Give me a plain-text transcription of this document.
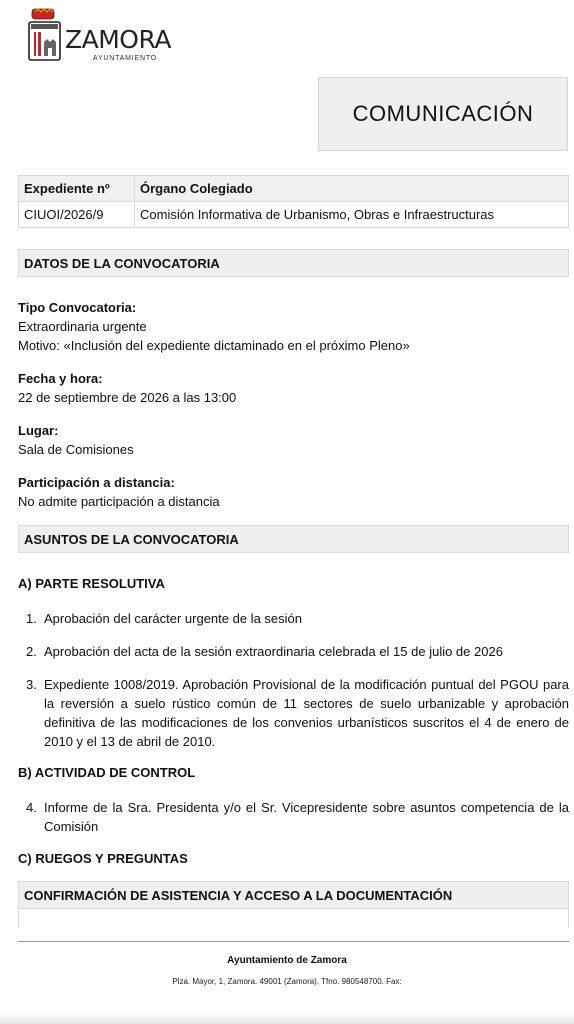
ZAMORA
AYUNTAMIENTO
COMUNICACIÓN
Expediente nº	Órgano Colegiado
CIUOI/2026/9	Comisión Informativa de Urbanismo, Obras e Infraestructuras
DATOS DE LA CONVOCATORIA
Tipo Convocatoria:
Extraordinaria urgente
Motivo: «Inclusión del expediente dictaminado en el próximo Pleno»
Fecha y hora:
22 de septiembre de 2026 a las 13:00
Lugar:
Sala de Comisiones
Participación a distancia:
No admite participación a distancia
ASUNTOS DE LA CONVOCATORIA
A) PARTE RESOLUTIVA
1. Aprobación del carácter urgente de la sesión
2. Aprobación del acta de la sesión extraordinaria celebrada el 15 de julio de 2026
3. Expediente 1008/2019. Aprobación Provisional de la modificación puntual del PGOU para la reversión a suelo rústico común de 11 sectores de suelo urbanizable y aprobación definitiva de las modificaciones de los convenios urbanísticos suscritos el 4 de enero de 2010 y el 13 de abril de 2010.
B) ACTIVIDAD DE CONTROL
4. Informe de la Sra. Presidenta y/o el Sr. Vicepresidente sobre asuntos competencia de la Comisión
C) RUEGOS Y PREGUNTAS
CONFIRMACIÓN DE ASISTENCIA Y ACCESO A LA DOCUMENTACIÓN
Ayuntamiento de Zamora
Plza. Mayor, 1, Zamora. 49001 (Zamora). Tfno. 980548700. Fax:
